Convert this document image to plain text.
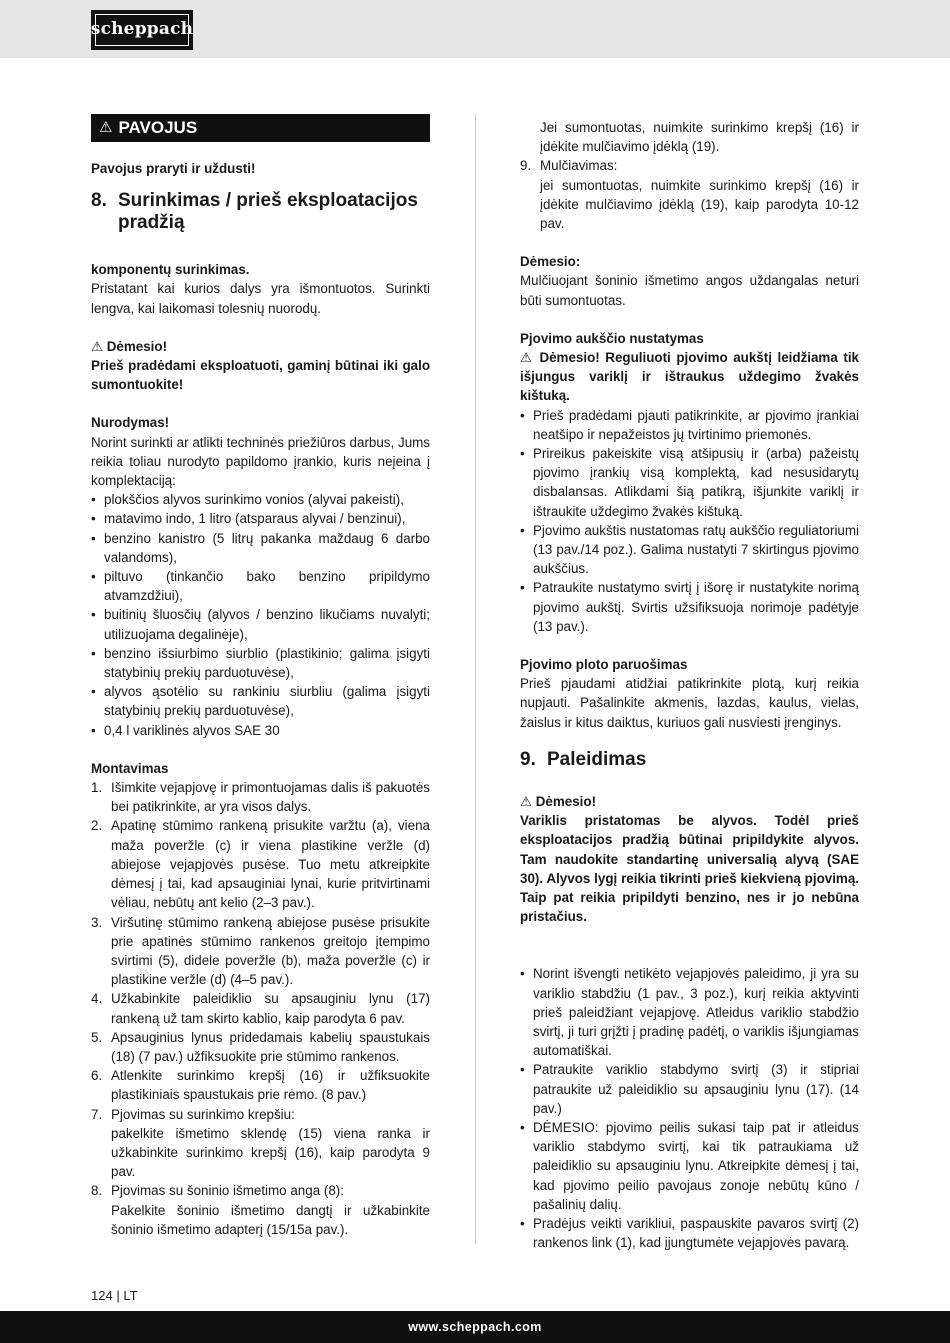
scheppach
⚠ PAVOJUS

Pavojus praryti ir uždusti!

8. Surinkimas / prieš eksploatacijos pradžią

komponentų surinkimas.

Pristatant kai kurios dalys yra išmontuotos. Surinkti lengva, kai laikomasi tolesnių nuorodų.

⚠ Dėmesio!

Prieš pradėdami eksploatuoti, gaminį būtinai iki galo sumontuokite!

Nurodymas!

Norint surinkti ar atlikti techninės priežiūros darbus, Jums reikia toliau nurodyto papildomo įrankio, kuris neįeina į komplektaciją:

• plokščios alyvos surinkimo vonios (alyvai pakeisti),
• matavimo indo, 1 litro (atsparaus alyvai / benzinui),
• benzino kanistro (5 litrų pakanka maždaug 6 darbo valandoms),
• piltuvo (tinkančio bako benzino pripildymo atvamzdžiui),
• buitinių šluosčių (alyvos / benzino likučiams nuvalyti; utilizuojama degalinėje),
• benzino išsiurbimo siurblio (plastikinio; galima įsigyti statybinių prekių parduotuvėse),
• alyvos ąsotėlio su rankiniu siurbliu (galima įsigyti statybinių prekių parduotuvėse),
• 0,4 l variklinės alyvos SAE 30

Montavimas

1. Išimkite vejapjovę ir primontuojamas dalis iš pakuotės bei patikrinkite, ar yra visos dalys.
2. Apatinę stūmimo rankeną prisukite varžtu (a), viena maža poveržle (c) ir viena plastikine veržle (d) abiejose vejapjovės pusėse. Tuo metu atkreipkite dėmesį į tai, kad apsauginiai lynai, kurie pritvirtinami vėliau, nebūtų ant kelio (2–3 pav.).
3. Viršutinę stūmimo rankeną abiejose pusėse prisukite prie apatinės stūmimo rankenos greitojo įtempimo svirtimi (5), didele poveržle (b), maža poveržle (c) ir plastikine veržle (d) (4–5 pav.).
4. Užkabinkite paleidiklio su apsauginiu lynu (17) rankeną už tam skirto kablio, kaip parodyta 6 pav.
5. Apsauginius lynus pridedamais kabelių spaustukais (18) (7 pav.) užfiksuokite prie stūmimo rankenos.
6. Atlenkite surinkimo krepšį (16) ir užfiksuokite plastikiniais spaustukais prie rėmo. (8 pav.)
7. Pjovimas su surinkimo krepšiu:

pakelkite išmetimo sklendę (15) viena ranka ir užkabinkite surinkimo krepšį (16), kaip parodyta 9 pav.

8. Pjovimas su šoninio išmetimo anga (8):

Pakelkite šoninio išmetimo dangtį ir užkabinkite šoninio išmetimo adapterį (15/15a pav.).

Jei sumontuotas, nuimkite surinkimo krepšį (16) ir įdėkite mulčiavimo įdėklą (19).

9. Mulčiavimas:

jei sumontuotas, nuimkite surinkimo krepšį (16) ir įdėkite mulčiavimo įdėklą (19), kaip parodyta 10-12 pav.

Dėmesio:

Mulčiuojant šoninio išmetimo angos uždangalas neturi būti sumontuotas.

Pjovimo aukščio nustatymas

⚠ Dėmesio! Reguliuoti pjovimo aukštį leidžiama tik išjungus variklį ir ištraukus uždegimo žvakės kištuką.

• Prieš pradėdami pjauti patikrinkite, ar pjovimo įrankiai neatšipo ir nepažeistos jų tvirtinimo priemonės.
• Prireikus pakeiskite visą atšipusių ir (arba) pažeistų pjovimo įrankių visą komplektą, kad nesusidarytų disbalansas. Atlikdami šią patikrą, išjunkite variklį ir ištraukite uždegimo žvakės kištuką.
• Pjovimo aukštis nustatomas ratų aukščio reguliatoriumi (13 pav./14 poz.). Galima nustatyti 7 skirtingus pjovimo aukščius.
• Patraukite nustatymo svirtį į išorę ir nustatykite norimą pjovimo aukštį. Svirtis užsifiksuoja norimoje padėtyje (13 pav.).

Pjovimo ploto paruošimas

Prieš pjaudami atidžiai patikrinkite plotą, kurį reikia nupjauti. Pašalinkite akmenis, lazdas, kaulus, vielas, žaislus ir kitus daiktus, kuriuos gali nusviesti įrenginys.

9. Paleidimas

⚠ Dėmesio!

Variklis pristatomas be alyvos. Todėl prieš eksploatacijos pradžią būtinai pripildykite alyvos. Tam naudokite standartinę universalią alyvą (SAE 30). Alyvos lygį reikia tikrinti prieš kiekvieną pjovimą. Taip pat reikia pripildyti benzino, nes ir jo nebūna pristačius.

• Norint išvengti netikėto vejapjovės paleidimo, ji yra su variklio stabdžiu (1 pav., 3 poz.), kurį reikia aktyvinti prieš paleidžiant vejapjovę. Atleidus variklio stabdžio svirtį, ji turi grįžti į pradinę padėtį, o variklis išjungiamas automatiškai.
• Patraukite variklio stabdymo svirtį (3) ir stipriai patraukite už paleidiklio su apsauginiu lynu (17). (14 pav.)
• DĖMESIO: pjovimo peilis sukasi taip pat ir atleidus variklio stabdymo svirtį, kai tik patraukiama už paleidiklio su apsauginiu lynu. Atkreipkite dėmesį į tai, kad pjovimo peilio pavojaus zonoje nebūtų kūno / pašalinių dalių.
• Pradėjus veikti varikliui, paspauskite pavaros svirtį (2) rankenos link (1), kad įjungtumėte vejapjovės pavarą.
124 | LT
www.scheppach.com
